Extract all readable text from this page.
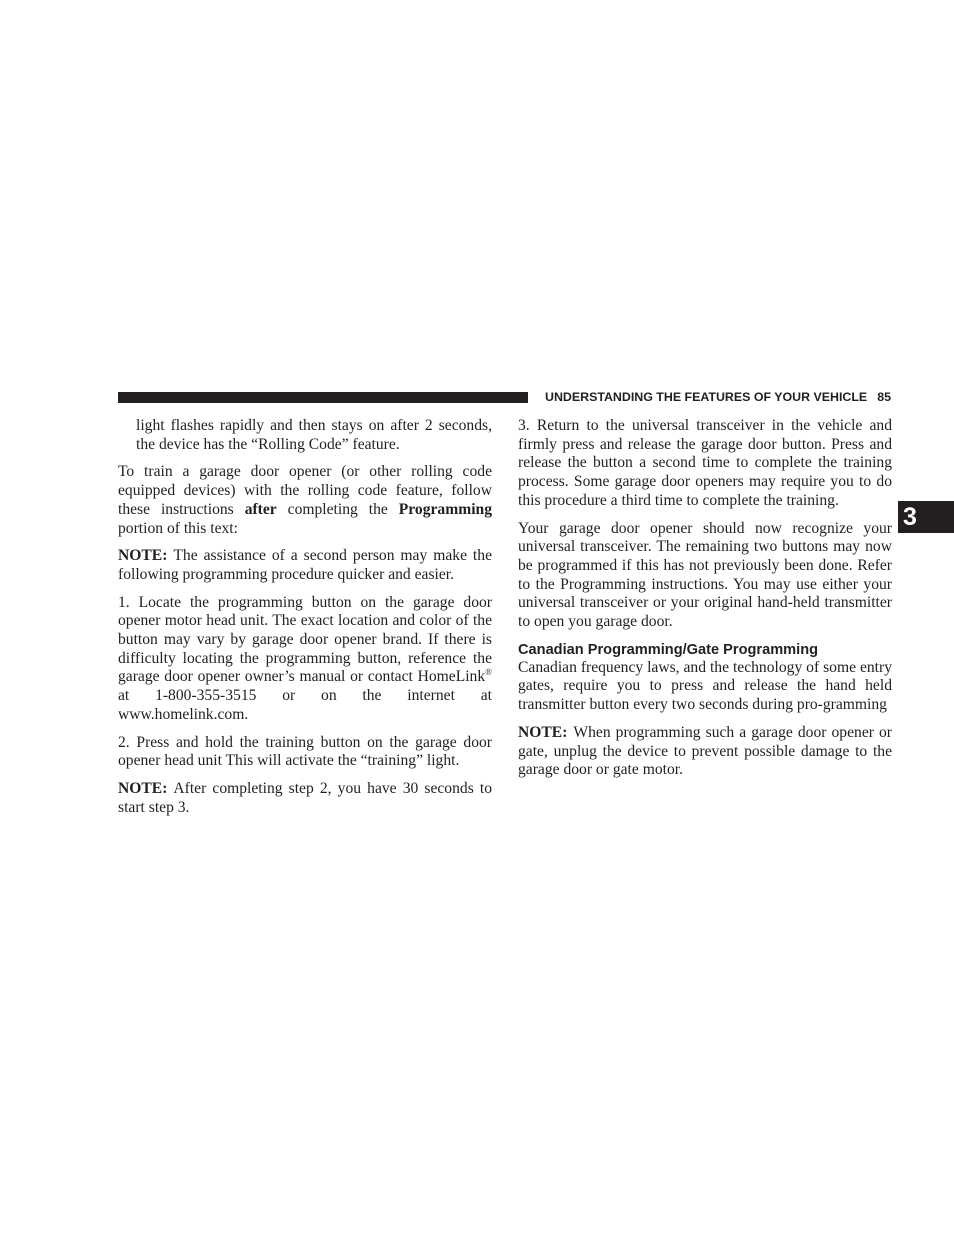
UNDERSTANDING THE FEATURES OF YOUR VEHICLE 85
3

light flashes rapidly and then stays on after 2 seconds, the device has the “Rolling Code” feature.

To train a garage door opener (or other rolling code equipped devices) with the rolling code feature, follow these instructions after completing the Programming portion of this text:

NOTE: The assistance of a second person may make the following programming procedure quicker and easier.

1. Locate the programming button on the garage door opener motor head unit. The exact location and color of the button may vary by garage door opener brand. If there is difficulty locating the programming button, reference the garage door opener owner’s manual or contact HomeLink® at 1-800-355-3515 or on the internet at www.homelink.com.

2. Press and hold the training button on the garage door opener head unit This will activate the “training” light.

NOTE: After completing step 2, you have 30 seconds to start step 3.

3. Return to the universal transceiver in the vehicle and firmly press and release the garage door button. Press and release the button a second time to complete the training process. Some garage door openers may require you to do this procedure a third time to complete the training.

Your garage door opener should now recognize your universal transceiver. The remaining two buttons may now be programmed if this has not previously been done. Refer to the Programming instructions. You may use either your universal transceiver or your original hand-held transmitter to open you garage door.

Canadian Programming/Gate Programming

Canadian frequency laws, and the technology of some entry gates, require you to press and release the hand held transmitter button every two seconds during pro-gramming

NOTE: When programming such a garage door opener or gate, unplug the device to prevent possible damage to the garage door or gate motor.
